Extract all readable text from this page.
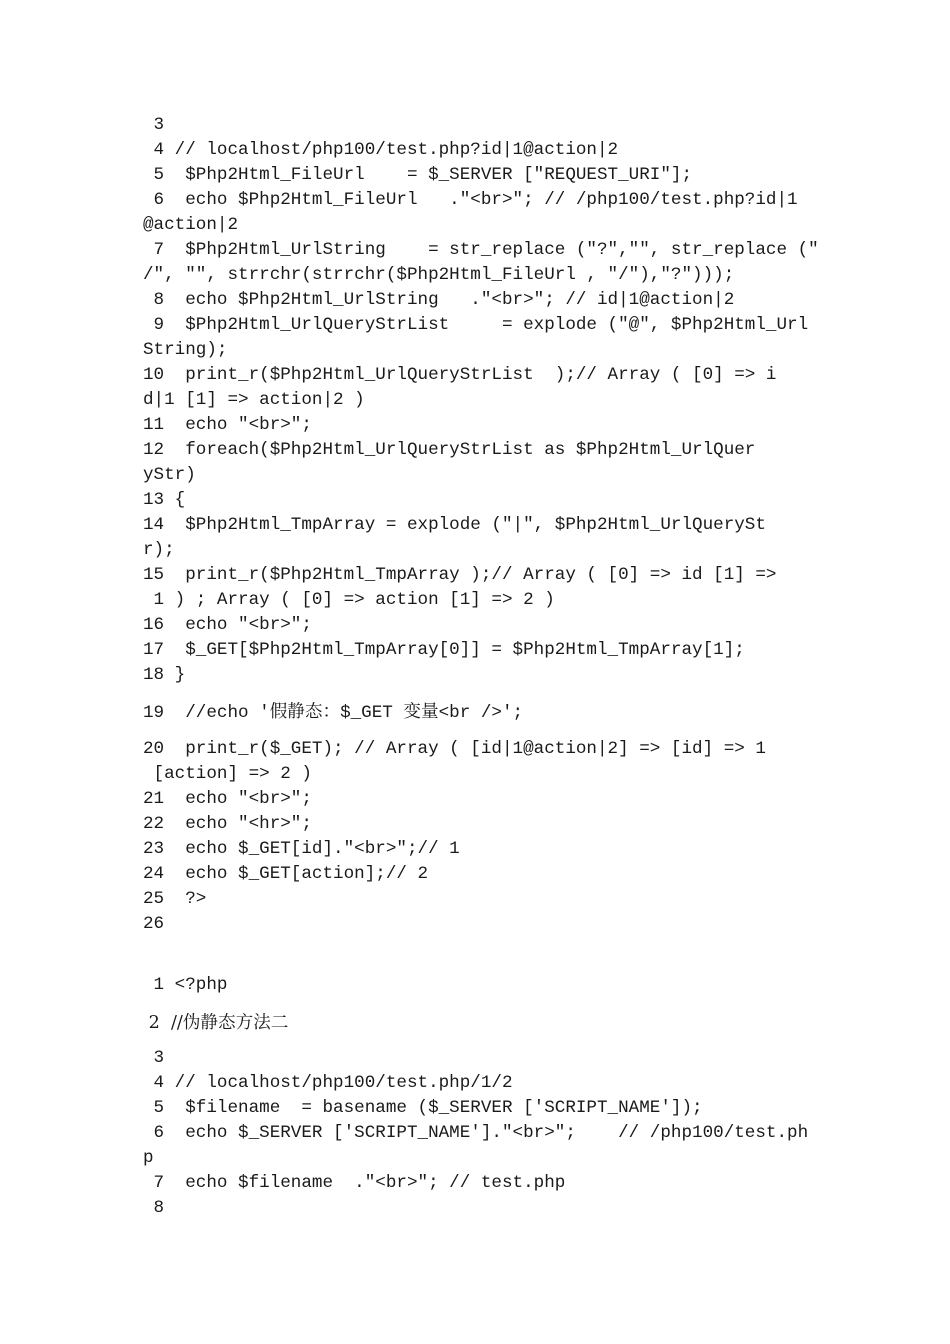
3
4 // localhost/php100/test.php?id|1@action|2
5  $Php2Html_FileUrl    = $_SERVER ["REQUEST_URI"];
6  echo $Php2Html_FileUrl   ."<br>"; // /php100/test.php?id|1
@action|2
7  $Php2Html_UrlString    = str_replace ("?","", str_replace ("
/", "", strrchr(strrchr($Php2Html_FileUrl , "/"),"?")));
8  echo $Php2Html_UrlString   ."<br>"; // id|1@action|2
9  $Php2Html_UrlQueryStrList     = explode ("@", $Php2Html_Url
String);
10  print_r($Php2Html_UrlQueryStrList  );// Array ( [0] => i
d|1 [1] => action|2 )
11  echo "<br>";
12  foreach($Php2Html_UrlQueryStrList as $Php2Html_UrlQuer
yStr)
13 {
14  $Php2Html_TmpArray = explode ("|", $Php2Html_UrlQuerySt
r);
15  print_r($Php2Html_TmpArray );// Array ( [0] => id [1] =>
1 ) ; Array ( [0] => action [1] => 2 )
16  echo "<br>";
17  $_GET[$Php2Html_TmpArray[0]] = $Php2Html_TmpArray[1];
18 }
19  //echo '假静态：$_GET 变量<br />';
20  print_r($_GET); // Array ( [id|1@action|2] => [id] => 1
[action] => 2 )
21  echo "<br>";
22  echo "<hr>";
23  echo $_GET[id]."<br>";// 1
24  echo $_GET[action];// 2
25  ?>
26
1 <?php
2  //伪静态方法二
3
4 // localhost/php100/test.php/1/2
5  $filename  = basename ($_SERVER ['SCRIPT_NAME']);
6  echo $_SERVER ['SCRIPT_NAME']."<br>";    // /php100/test.ph
p
7  echo $filename  ."<br>"; // test.php
8
